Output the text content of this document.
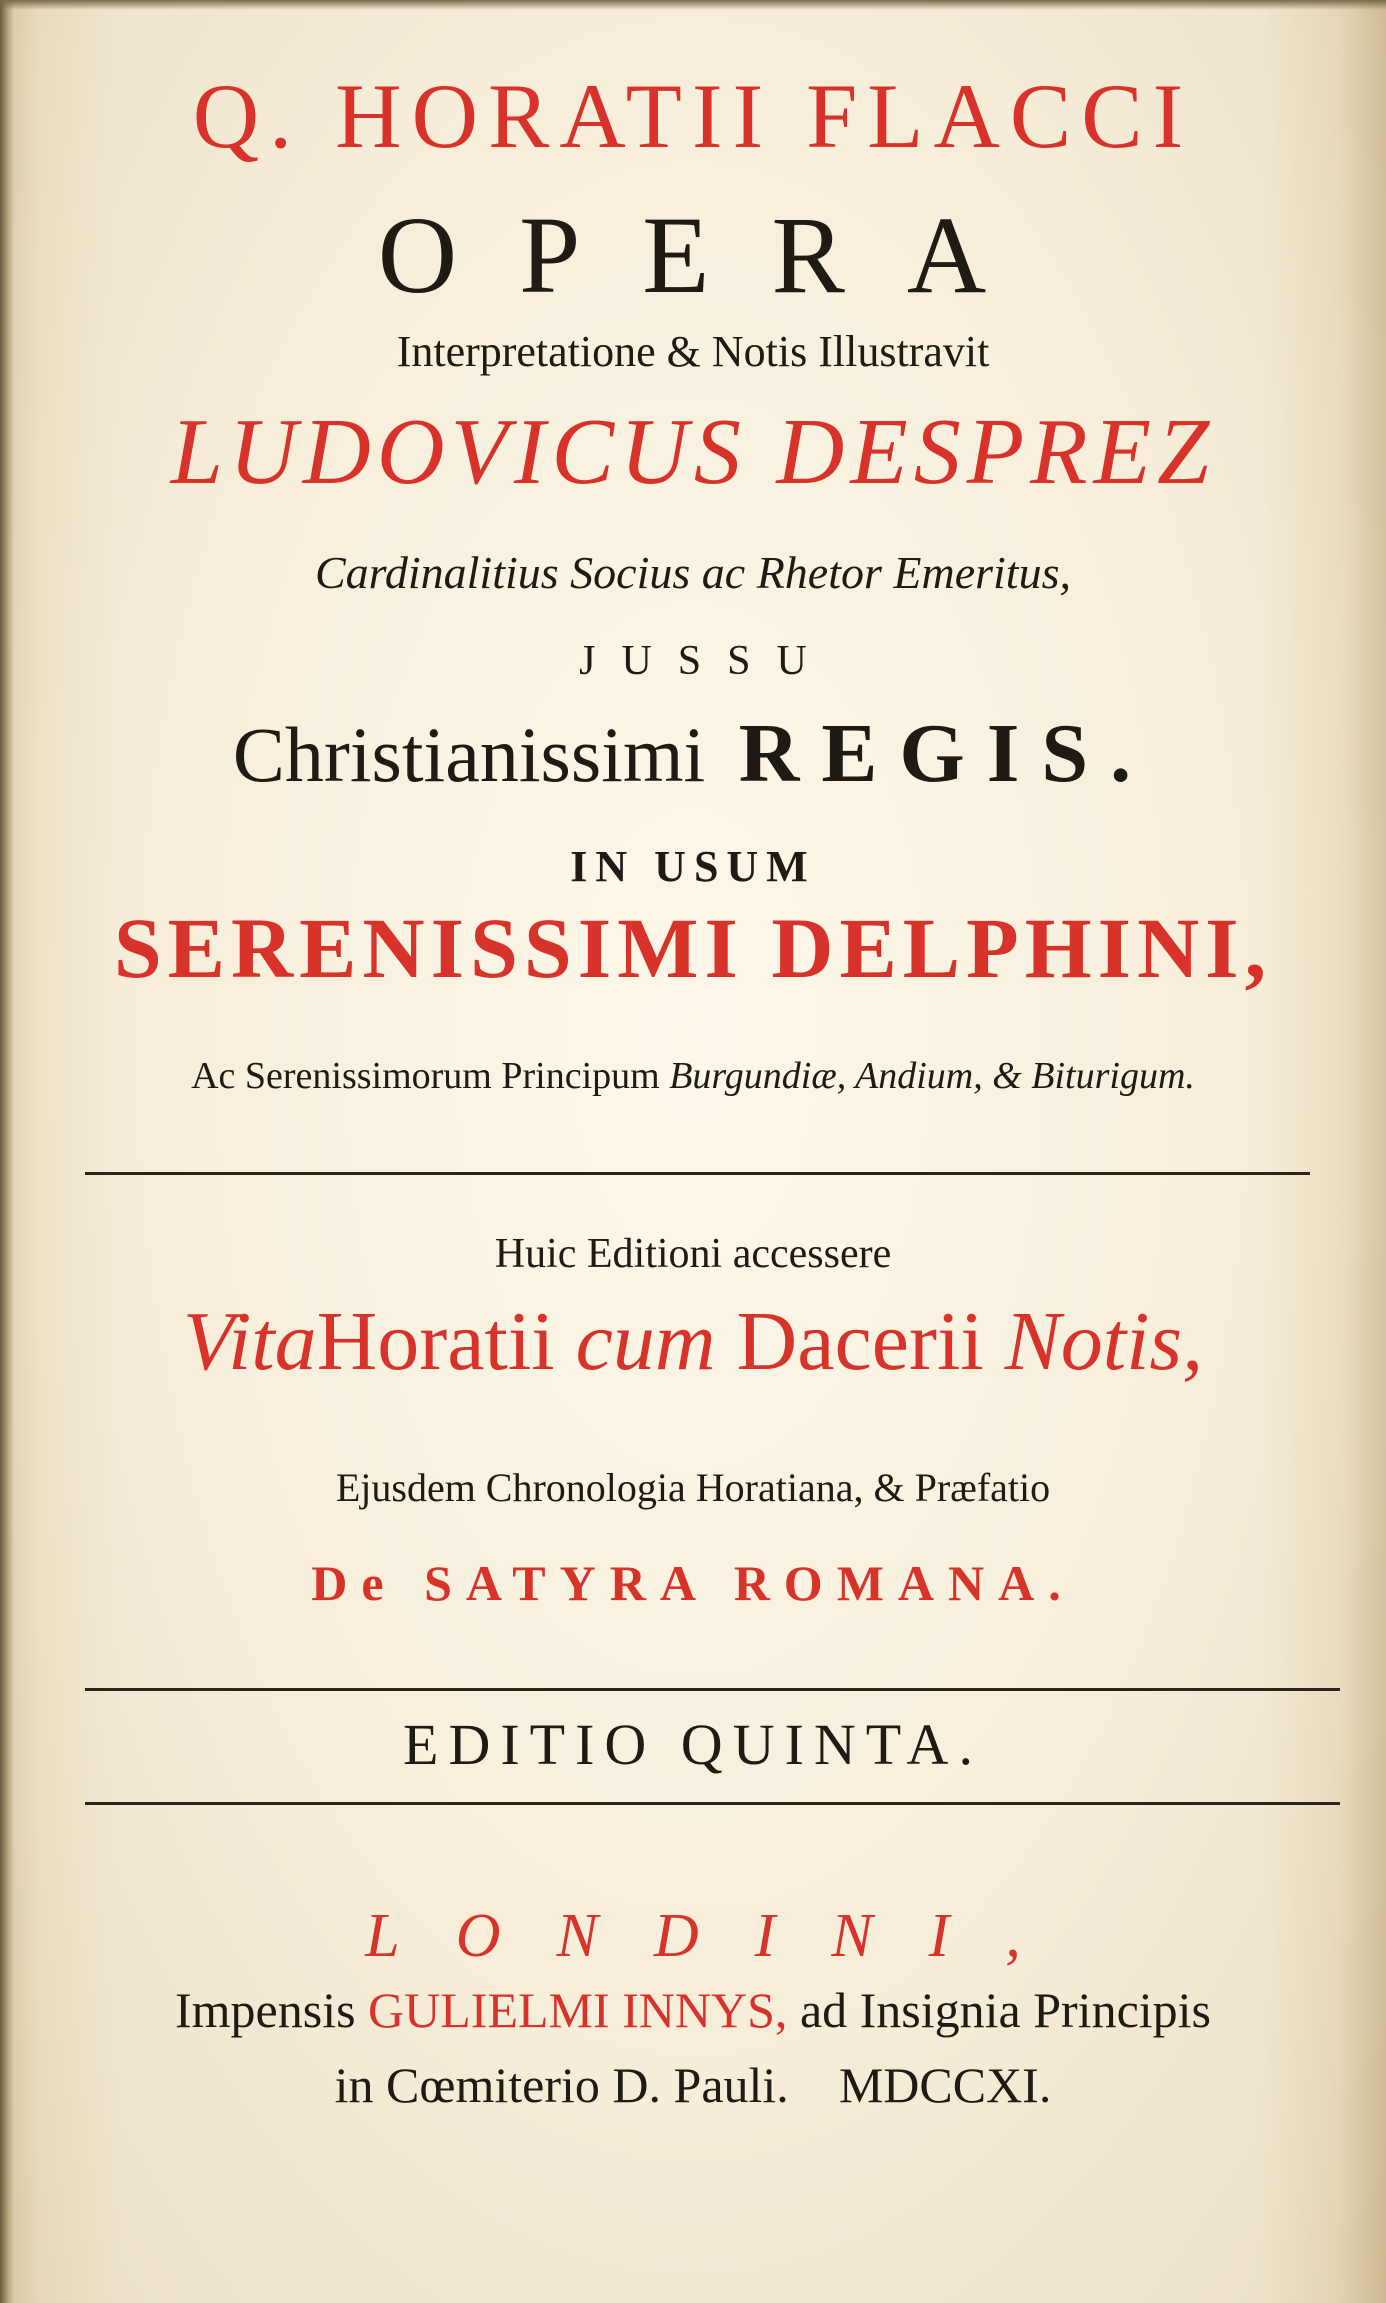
Q. HORATII FLACCI
OPERA
Interpretatione & Notis Illustravit
LUDOVICUS DESPREZ
Cardinalitius Socius ac Rhetor Emeritus,
JUSSU
Christianissimi REGIS.
IN USUM
SERENISSIMI DELPHINI,
Ac Serenissimorum Principum Burgundiæ, Andium, & Biturigum.
Huic Editioni accessere
VitaHoratii cum Dacerii Notis,
Ejusdem Chronologia Horatiana, & Præfatio
De SATYRA ROMANA.
EDITIO QUINTA.
LONDINI,
Impensis GULIELMI INNYS, ad Insignia Principis
in Cœmiterio D. Pauli. MDCCXI.
